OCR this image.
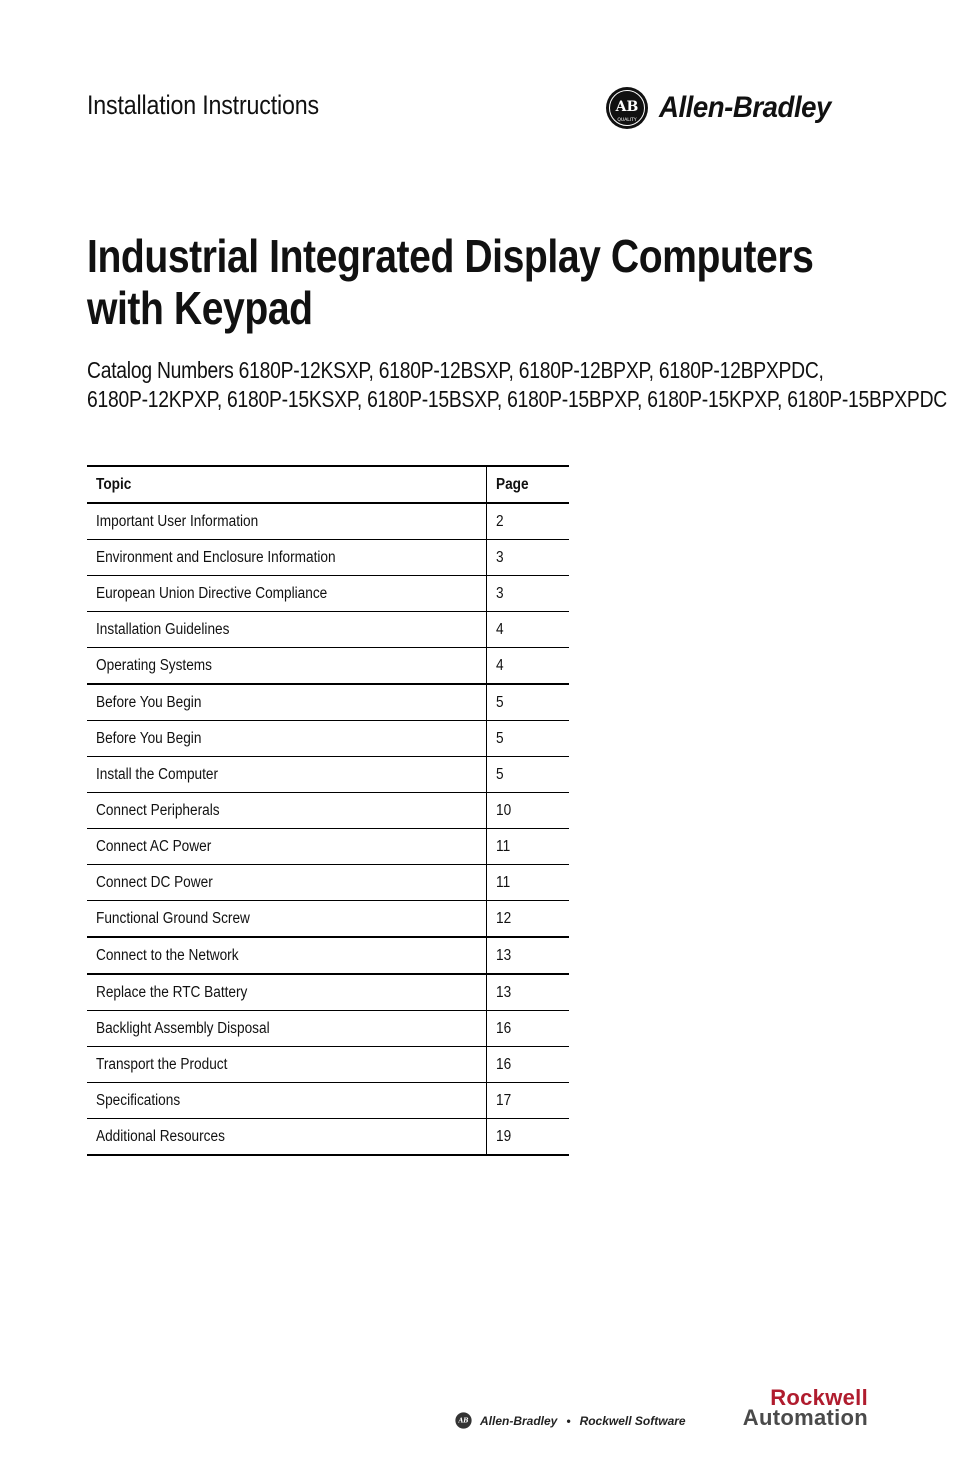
Installation Instructions	AB
QUALITY Allen-Bradley
Industrial Integrated Display Computers
with Keypad
Catalog Numbers 6180P-12KSXP, 6180P-12BSXP, 6180P-12BPXP, 6180P-12BPXPDC,
6180P-12KPXP, 6180P-15KSXP, 6180P-15BSXP, 6180P-15BPXP, 6180P-15KPXP, 6180P-15BPXPDC
Topic	Page
Important User Information	2
Environment and Enclosure Information	3
European Union Directive Compliance	3
Installation Guidelines	4
Operating Systems	4
Before You Begin	5
Before You Begin	5
Install the Computer	5
Connect Peripherals	10
Connect AC Power	11
Connect DC Power	11
Functional Ground Screw	12
Connect to the Network	13
Replace the RTC Battery	13
Backlight Assembly Disposal	16
Transport the Product	16
Specifications	17
Additional Resources	19
AB Allen-Bradley • Rockwell Software
Rockwell
Automation
